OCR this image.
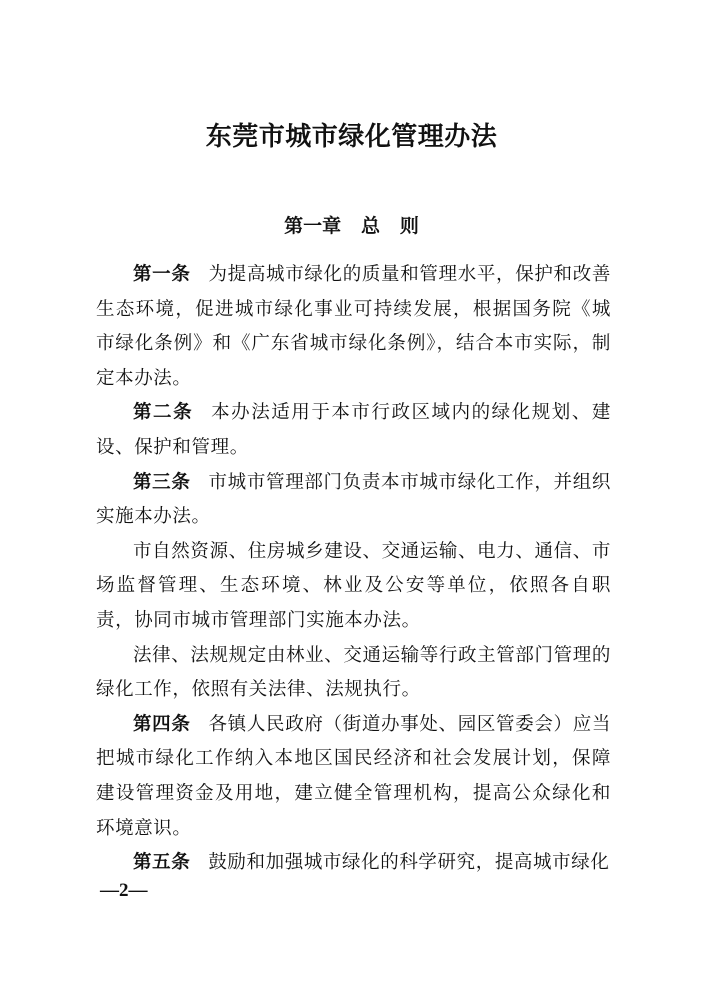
东莞市城市绿化管理办法
第一章   总   则

第一条 为提高城市绿化的质量和管理水平，保护和改善生态环境，促进城市绿化事业可持续发展，根据国务院《城市绿化条例》和《广东省城市绿化条例》，结合本市实际，制定本办法。

第二条 本办法适用于本市行政区域内的绿化规划、建设、保护和管理。

第三条 市城市管理部门负责本市城市绿化工作，并组织实施本办法。

市自然资源、住房城乡建设、交通运输、电力、通信、市场监督管理、生态环境、林业及公安等单位，依照各自职责，协同市城市管理部门实施本办法。

法律、法规规定由林业、交通运输等行政主管部门管理的绿化工作，依照有关法律、法规执行。

第四条 各镇人民政府（街道办事处、园区管委会）应当把城市绿化工作纳入本地区国民经济和社会发展计划，保障建设管理资金及用地，建立健全管理机构，提高公众绿化和环境意识。

第五条 鼓励和加强城市绿化的科学研究，提高城市绿化

—2—
